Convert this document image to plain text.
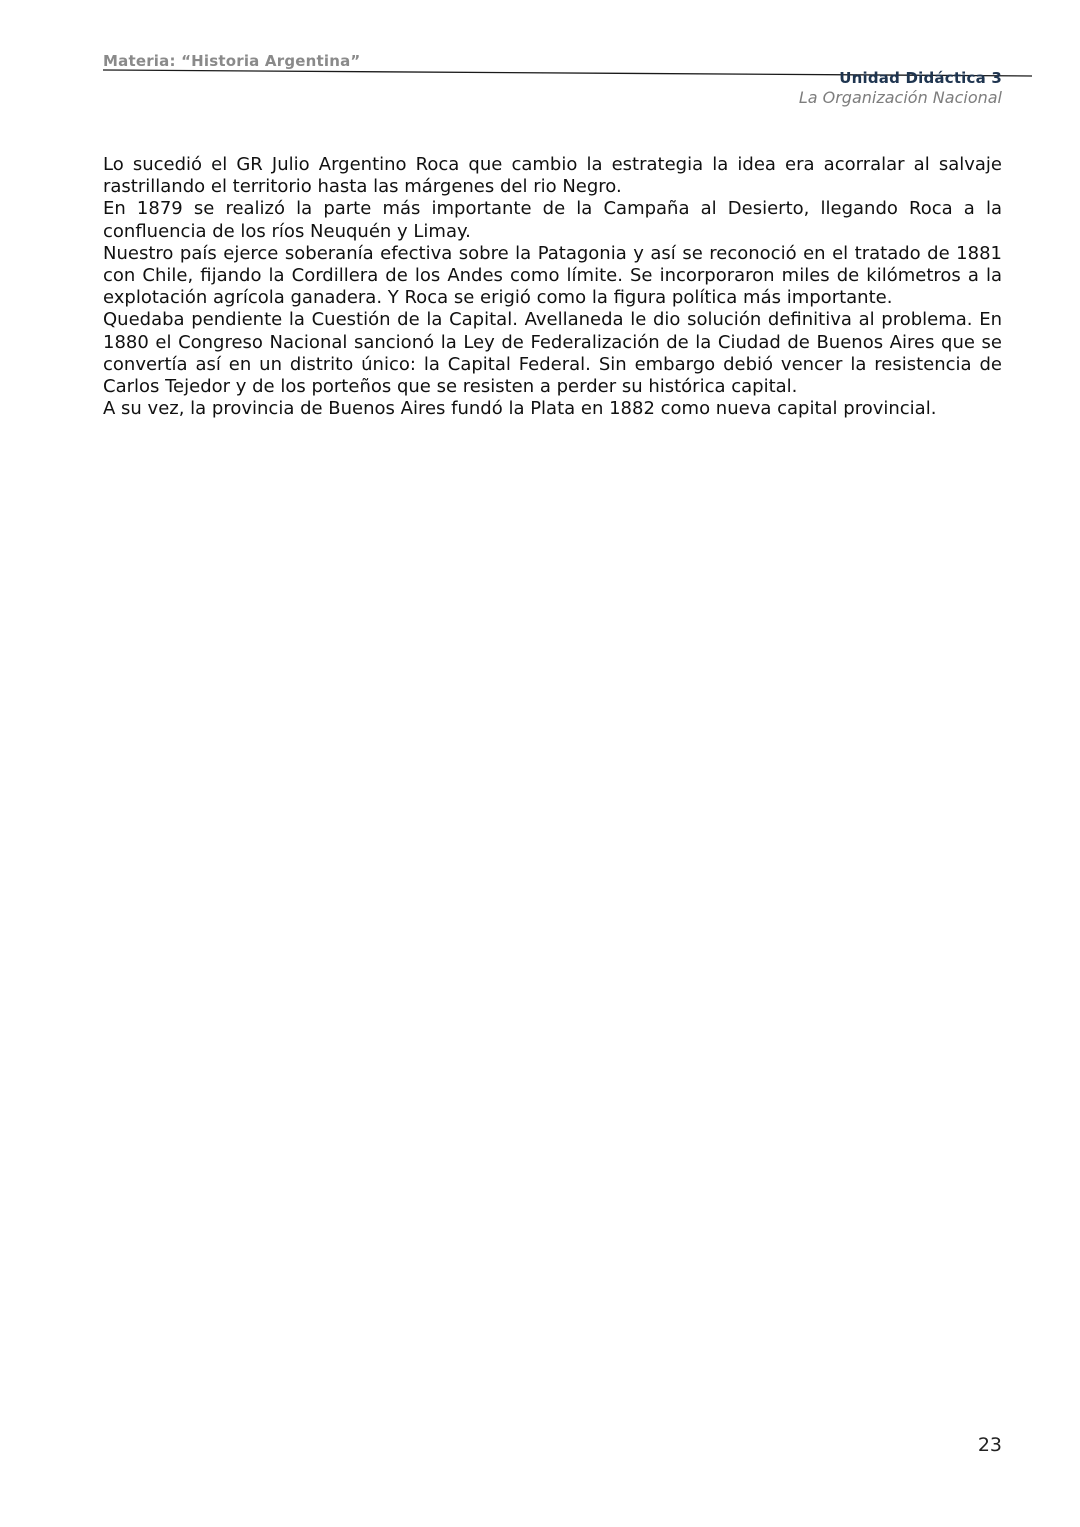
Materia: “Historia Argentina”
Unidad Didáctica 3
La Organización Nacional

Lo sucedió el GR Julio Argentino Roca que cambio la estrategia la idea era acorralar al salvaje rastrillando el territorio hasta las márgenes del rio Negro.

En 1879 se realizó la parte más importante de la Campaña al Desierto, llegando Roca a la confluencia de los ríos Neuquén y Limay.

Nuestro país ejerce soberanía efectiva sobre la Patagonia y así se reconoció en el tratado de 1881 con Chile, fijando la Cordillera de los Andes como límite. Se incorporaron miles de kilómetros a la explotación agrícola ganadera. Y Roca se erigió como la figura política más importante.

Quedaba pendiente la Cuestión de la Capital. Avellaneda le dio solución definitiva al problema. En 1880 el Congreso Nacional sancionó la Ley de Federalización de la Ciudad de Buenos Aires que se convertía así en un distrito único: la Capital Federal. Sin embargo debió vencer la resistencia de Carlos Tejedor y de los porteños que se resisten a perder su histórica capital.

A su vez, la provincia de Buenos Aires fundó la Plata en 1882 como nueva capital provincial.

23
